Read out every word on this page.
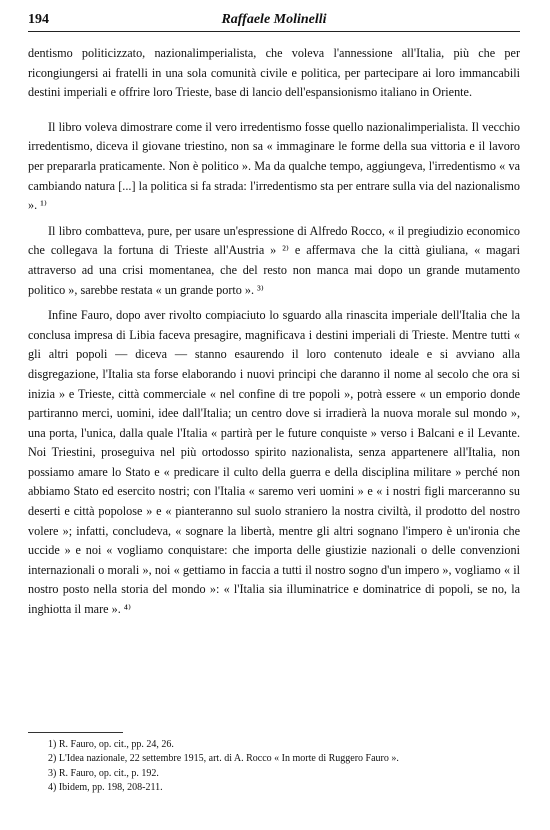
194	Raffaele Molinelli

dentismo politicizzato, nazionalimperialista, che voleva l'annessione all'Italia, più che per ricongiungersi ai fratelli in una sola comunità civile e politica, per partecipare ai loro immancabili destini imperiali e offrire loro Trieste, base di lancio dell'espansionismo italiano in Oriente.

Il libro voleva dimostrare come il vero irredentismo fosse quello nazionalimperialista. Il vecchio irredentismo, diceva il giovane triestino, non sa « immaginare le forme della sua vittoria e il lavoro per prepararla praticamente. Non è politico ». Ma da qualche tempo, aggiungeva, l'irredentismo « va cambiando natura [...] la politica si fa strada: l'irredentismo sta per entrare sulla via del nazionalismo ». ¹⁾

Il libro combatteva, pure, per usare un'espressione di Alfredo Rocco, « il pregiudizio economico che collegava la fortuna di Trieste all'Austria » ²⁾ e affermava che la città giuliana, « magari attraverso ad una crisi momentanea, che del resto non manca mai dopo un grande mutamento politico », sarebbe restata « un grande porto ». ³⁾

Infine Fauro, dopo aver rivolto compiaciuto lo sguardo alla rinascita imperiale dell'Italia che la conclusa impresa di Libia faceva presagire, magnificava i destini imperiali di Trieste. Mentre tutti « gli altri popoli — diceva — stanno esaurendo il loro contenuto ideale e si avviano alla disgregazione, l'Italia sta forse elaborando i nuovi principi che daranno il nome al secolo che ora si inizia » e Trieste, città commerciale « nel confine di tre popoli », potrà essere « un emporio donde partiranno merci, uomini, idee dall'Italia; un centro dove si irradierà la nuova morale sul mondo », una porta, l'unica, dalla quale l'Italia « partirà per le future conquiste » verso i Balcani e il Levante. Noi Triestini, proseguiva nel più ortodosso spirito nazionalista, senza appartenere all'Italia, non possiamo amare lo Stato e « predicare il culto della guerra e della disciplina militare » perché non abbiamo Stato ed esercito nostri; con l'Italia « saremo veri uomini » e « i nostri figli marceranno su deserti e città popolose » e « pianteranno sul suolo straniero la nostra civiltà, il prodotto del nostro volere »; infatti, concludeva, « sognare la libertà, mentre gli altri sognano l'impero è un'ironia che uccide » e noi « vogliamo conquistare: che importa delle giustizie nazionali o delle convenzioni internazionali o morali », noi « gettiamo in faccia a tutti il nostro sogno d'un impero », vogliamo « il nostro posto nella storia del mondo »: « l'Italia sia illuminatrice e dominatrice di popoli, se no, la inghiotta il mare ». ⁴⁾

1) R. Fauro, op. cit., pp. 24, 26.

2) L'Idea nazionale, 22 settembre 1915, art. di A. Rocco « In morte di Ruggero Fauro ».

3) R. Fauro, op. cit., p. 192.

4) Ibidem, pp. 198, 208-211.
